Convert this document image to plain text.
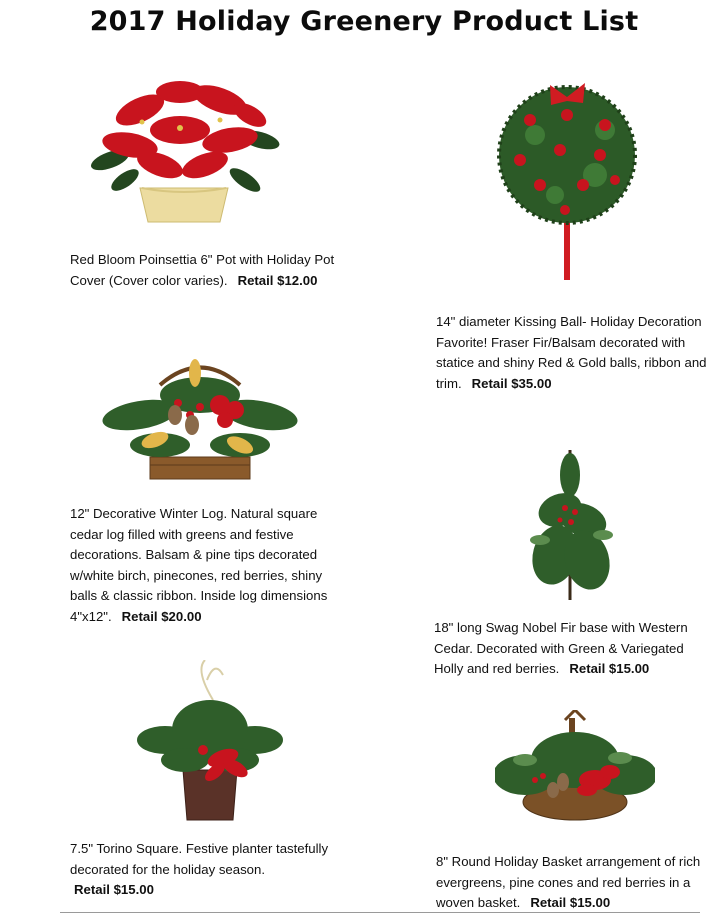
2017 Holiday Greenery Product List
Red Bloom Poinsettia 6" Pot with Holiday Pot Cover (Cover color varies). Retail $12.00
14" diameter Kissing Ball- Holiday Decoration Favorite! Fraser Fir/Balsam decorated with statice and shiny Red & Gold balls, ribbon and trim. Retail $35.00
12" Decorative Winter Log. Natural square cedar log filled with greens and festive decorations. Balsam & pine tips decorated w/white birch, pinecones, red berries, shiny balls & classic ribbon. Inside log dimensions 4"x12". Retail $20.00
18" long Swag Nobel Fir base with Western Cedar. Decorated with Green & Variegated Holly and red berries. Retail $15.00
7.5" Torino Square. Festive planter tastefully decorated for the holiday season.
Retail $15.00
8" Round Holiday Basket arrangement of rich evergreens, pine cones and red berries in a woven basket. Retail $15.00
